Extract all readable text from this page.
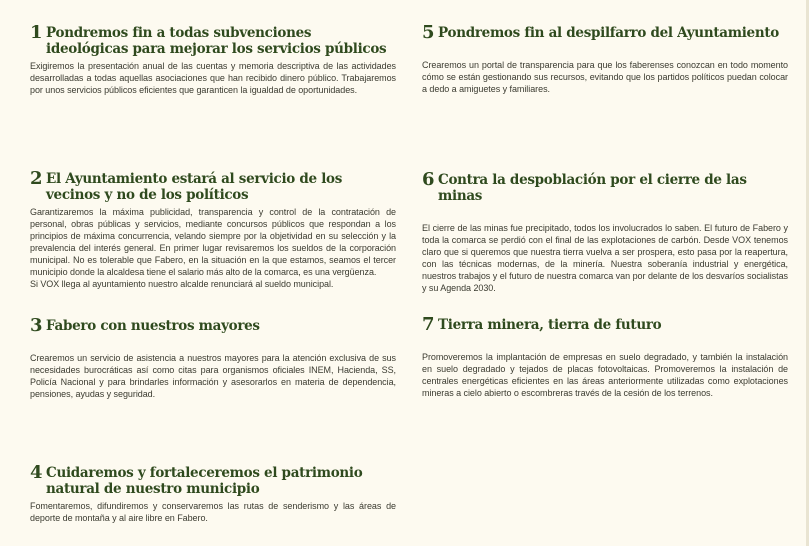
1 Pondremos fin a todas subvenciones ideológicas para mejorar los servicios públicos

Exigiremos la presentación anual de las cuentas y memoria descriptiva de las actividades desarrolladas a todas aquellas asociaciones que han recibido dinero público. Trabajaremos por unos servicios públicos eficientes que garanticen la igualdad de oportunidades.

2 El Ayuntamiento estará al servicio de los vecinos y no de los políticos

Garantizaremos la máxima publicidad, transparencia y control de la contratación de personal, obras públicas y servicios, mediante concursos públicos que respondan a los principios de máxima concurrencia, velando siempre por la objetividad en su selección y la prevalencia del interés general. En primer lugar revisaremos los sueldos de la corporación municipal. No es tolerable que Fabero, en la situación en la que estamos, seamos el tercer municipio donde la alcaldesa tiene el salario más alto de la comarca, es una vergüenza.
Si VOX llega al ayuntamiento nuestro alcalde renunciará al sueldo municipal.

3 Fabero con nuestros mayores

Crearemos un servicio de asistencia a nuestros mayores para la atención exclusiva de sus necesidades burocráticas así como citas para organismos oficiales INEM, Hacienda, SS, Policía Nacional y para brindarles información y asesorarlos en materia de dependencia, pensiones, ayudas y seguridad.

4 Cuidaremos y fortaleceremos el patrimonio natural de nuestro municipio

Fomentaremos, difundiremos y conservaremos las rutas de senderismo y las áreas de deporte de montaña y al aire libre en Fabero.

5 Pondremos fin al despilfarro del Ayuntamiento

Crearemos un portal de transparencia para que los faberenses conozcan en todo momento cómo se están gestionando sus recursos, evitando que los partidos políticos puedan colocar a dedo a amiguetes y familiares.

6 Contra la despoblación por el cierre de las minas

El cierre de las minas fue precipitado, todos los involucrados lo saben. El futuro de Fabero y toda la comarca se perdió con el final de las explotaciones de carbón. Desde VOX tenemos claro que si queremos que nuestra tierra vuelva a ser prospera, esto pasa por la reapertura, con las técnicas modernas, de la minería. Nuestra soberanía industrial y energética, nuestros trabajos y el futuro de nuestra comarca van por delante de los desvaríos socialistas y su Agenda 2030.

7 Tierra minera, tierra de futuro

Promoveremos la implantación de empresas en suelo degradado, y también la instalación en suelo degradado y tejados de placas fotovoltaicas. Promoveremos la instalación de centrales energéticas eficientes en las áreas anteriormente utilizadas como explotaciones mineras a cielo abierto o escombreras través de la cesión de los terrenos.
